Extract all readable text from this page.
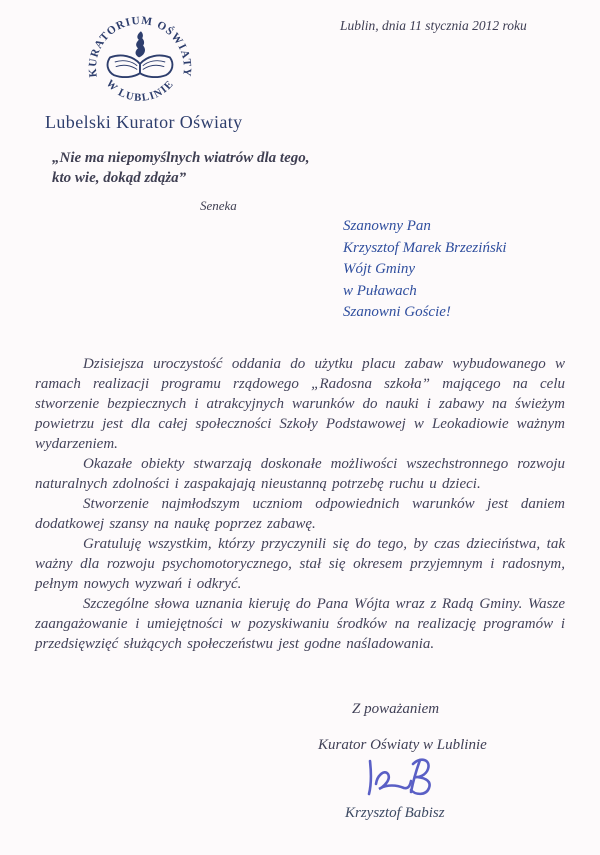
KURATORIUM OŚWIATY
W LUBLINIE
Lublin, dnia 11 stycznia 2012 roku
Lubelski Kurator Oświaty
„Nie ma niepomyślnych wiatrów dla tego,
kto wie, dokąd zdąża”
Seneka
Szanowny Pan
Krzysztof Marek Brzeziński
Wójt Gminy
w Puławach
Szanowni Goście!

Dzisiejsza uroczystość oddania do użytku placu zabaw wybudowanego w ramach realizacji programu rządowego „Radosna szkoła” mającego na celu stworzenie bezpiecznych i atrakcyjnych warunków do nauki i zabawy na świeżym powietrzu jest dla całej społeczności Szkoły Podstawowej w Leokadiowie ważnym wydarzeniem.

Okazałe obiekty stwarzają doskonałe możliwości wszechstronnego rozwoju naturalnych zdolności i zaspakajają nieustanną potrzebę ruchu u dzieci.

Stworzenie najmłodszym uczniom odpowiednich warunków jest daniem dodatkowej szansy na naukę poprzez zabawę.

Gratuluję wszystkim, którzy przyczynili się do tego, by czas dzieciństwa, tak ważny dla rozwoju psychomotorycznego, stał się okresem przyjemnym i radosnym, pełnym nowych wyzwań i odkryć.

Szczególne słowa uznania kieruję do Pana Wójta wraz z Radą Gminy. Wasze zaangażowanie i umiejętności w pozyskiwaniu środków na realizację programów i przedsięwzięć służących społeczeństwu jest godne naśladowania.

Z poważaniem
Kurator Oświaty w Lublinie
Krzysztof Babisz
